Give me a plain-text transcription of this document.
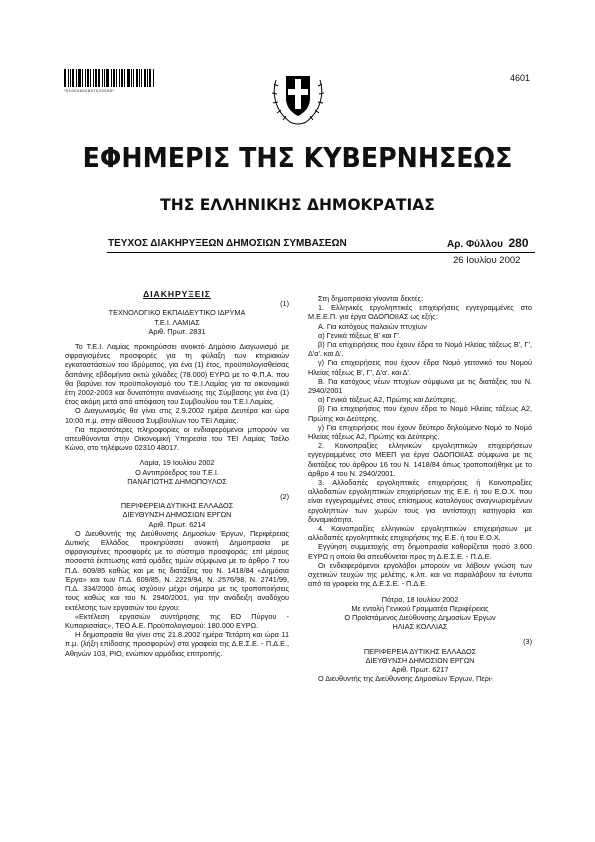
*01002802607020008*
4601
ΕΦΗΜΕΡΙΣ ΤΗΣ ΚΥΒΕΡΝΗΣΕΩΣ
ΤΗΣ ΕΛΛΗΝΙΚΗΣ ΔΗΜΟΚΡΑΤΙΑΣ
ΤΕΥΧΟΣ ΔΙΑΚΗΡΥΞΕΩΝ ΔΗΜΟΣΙΩΝ ΣΥΜΒΑΣΕΩΝ	Αρ. Φύλλου 280
26 Ιουλίου 2002

ΔΙΑΚΗΡΥΞΕΙΣ

(1)

ΤΕΧΝΟΛΟΓΙΚΟ ΕΚΠΑΙΔΕΥΤΙΚΟ ΙΔΡΥΜΑ

Τ.Ε.Ι. ΛΑΜΙΑΣ

Αριθ. Πρωτ. 2831

Το Τ.Ε.Ι. Λαμίας προκηρύσσει ανοικτό Δημόσιο Διαγωνισμό με σφραγισμένες προσφορές για τη φύλαξη των κτηριακών εγκαταστάσεων του Ιδρύματος, για ένα (1) έτος, προϋπολογισθείσας δαπάνης εβδομήντα οκτώ χιλιάδες (78.000) ΕΥΡΩ με το Φ.Π.Α. που θα βαρύνει τον προϋπολογισμό του Τ.Ε.Ι.Λαμίας για τα οικονομικά έτη 2002-2003 και δυνατότητα ανανέωσης της Σύμβασης για ένα (1) έτος ακόμη μετά από απόφαση του Συμβουλίου του Τ.Ε.Ι.Λαμίας.

Ο Διαγωνισμός θα γίνει στις 2.9.2002 ημέρα Δευτέρα και ώρα 10:00 π.μ. στην αίθουσα Συμβουλίων του ΤΕΙ Λαμίας.

Για περισσότερες πληροφορίες οι ενδιαφερόμενοι μπορούν να απευθύνονται στην Οικονομική Υπηρεσία του ΤΕΙ Λαμίας Τσέλο Κώνο, στο τηλέφωνο 02310 48017.

Λαμία, 19 Ιουλίου 2002

Ο Αντιπρόεδρος του Τ.Ε.Ι.

ΠΑΝΑΓΙΩΤΗΣ ΔΗΜΟΠΟΥΛΟΣ

(2)

ΠΕΡΙΦΕΡΕΙΑ ΔΥΤΙΚΗΣ ΕΛΛΑΔΟΣ

ΔΙΕΥΘΥΝΣΗ ΔΗΜΟΣΙΩΝ ΕΡΓΩΝ

Αριθ. Πρωτ. 6214

Ο Διευθυντής της Διεύθυνσης Δημοσίων Έργων, Περιφέρειας Δυτικής Ελλάδος προκηρύσσει ανοικτή Δημοπρασία με σφραγισμένες προσφορές με το σύστημα προσφοράς: επί μέρους ποσοστά έκπτωσης κατά ομάδες τιμών σύμφωνα με το άρθρο 7 του Π.Δ. 609/85 καθώς και με τις διατάξεις του Ν. 1418/84 «Δημόσια Έργα» και των Π.Δ. 609/85, Ν. 2229/94, Ν. 2576/98, Ν. 2741/99, Π.Δ. 334/2000 όπως ισχύουν μέχρι σήμερα με τις τροποποιήσεις τους καθώς και του Ν. 2940/2001, για την ανάδειξη αναδόχου εκτέλεσης των εργασιών του έργου:

«Εκτέλεση εργασιών συντήρησης της ΕΟ Πύργου - Κυπαρισσίας», ΤΕΟ Α.Ε. Προϋπολογισμού: 180.000 ΕΥΡΩ.

Η δημοπρασία θα γίνει στις 21.8.2002 ημέρα Τετάρτη και ώρα 11 π.μ. (λήξη επίδοσης προσφορών) στα γραφεία της Δ.Ε.Σ.Ε. - Π.Δ.Ε., Αθηνών 103, ΡΙΟ, ενώπιον αρμόδιας επιτροπής.

Στη δημοπρασία γίνονται δεκτές:

1. Ελληνικές εργοληπτικές επιχειρήσεις εγγεγραμμένες στο Μ.Ε.Ε.Π. για έργα ΟΔΟΠΟΙΙΑΣ ως εξής:

Α. Για κατόχους παλαιών πτυχίων

α) Γενικά τάξεως Β' και Γ'.

β) Για επιχειρήσεις που έχουν έδρα το Νομό Ηλείας τάξεως Β', Γ', Δ'α'. και Δ'.

γ) Για επιχειρήσεις που έχουν έδρα Νομό γειτονικό του Νομού Ηλείας τάξεως Β', Γ', Δ'α'. και Δ'.

Β. Για κατόχους νέων πτυχίων σύμφωνα με τις διατάξεις του Ν. 2940/2001

α) Γενικά τάξεως Α2, Πρώτης και Δεύτερης.

β) Για επιχειρήσεις που έχουν έδρα το Νομό Ηλείας τάξεως Α2, Πρώτης και Δεύτερης.

γ) Για επιχειρήσεις που έχουν δεύτερο δηλούμενο Νομό το Νομό Ηλείας τάξεως Α2, Πρώτης και Δεύτερης.

2. Κοινοπραξίες ελληνικών εργοληπτικών επιχειρήσεων εγγεγραμμένες στο ΜΕΕΠ για έργα ΟΔΟΠΟΙΙΑΣ σύμφωνα με τις διατάξεις του άρθρου 16 του Ν. 1418/84 όπως τροποποιήθηκε με το άρθρο 4 του Ν. 2940/2001.

3. Αλλοδαπές εργοληπτικές επιχειρήσεις ή Κοινοπραξίες αλλοδαπών εργοληπτικών επιχειρήσεων της Ε.Ε. ή του Ε.Ο.Χ. που είναι εγγεγραμμένες στους επίσημους καταλόγους αναγνωρισμένων εργοληπτών των χωρών τους για αντίστοιχη κατηγορία και δυναμικότητα.

4. Κοινοπραξίες ελληνικών εργοληπτικών επιχειρήσεων με αλλοδαπές εργοληπτικές επιχειρήσεις της Ε.Ε. ή του Ε.Ο.Χ.

Εγγύηση συμμετοχής στη δημοπρασία καθορίζεται ποσό 3.600 ΕΥΡΩ η οποία θα απευθύνεται προς τη Δ.Ε.Σ.Ε. - Π.Δ.Ε.

Οι ενδιαφερόμενοι εργολάβοι μπορούν να λάβουν γνώση των σχετικών τευχών της μελέτης, κ.λπ. και να παραλάβουν τα έντυπα από τα γραφεία της Δ.Ε.Σ.Ε. - Π.Δ.Ε.

Πάτρα, 18 Ιουλίου 2002

Με εντολή Γενικού Γραμματέα Περιφέρειας

Ο Προϊστάμενος Διεύθυνσης Δημοσίων Έργων

ΗΛΙΑΣ ΚΟΛΛΙΑΣ

(3)

ΠΕΡΙΦΕΡΕΙΑ ΔΥΤΙΚΗΣ ΕΛΛΑΔΟΣ

ΔΙΕΥΘΥΝΣΗ ΔΗΜΟΣΙΩΝ ΕΡΓΩΝ

Αριθ. Πρωτ. 6217

Ο Διευθυντής της Διεύθυνσης Δημοσίων Έργων, Περι-
